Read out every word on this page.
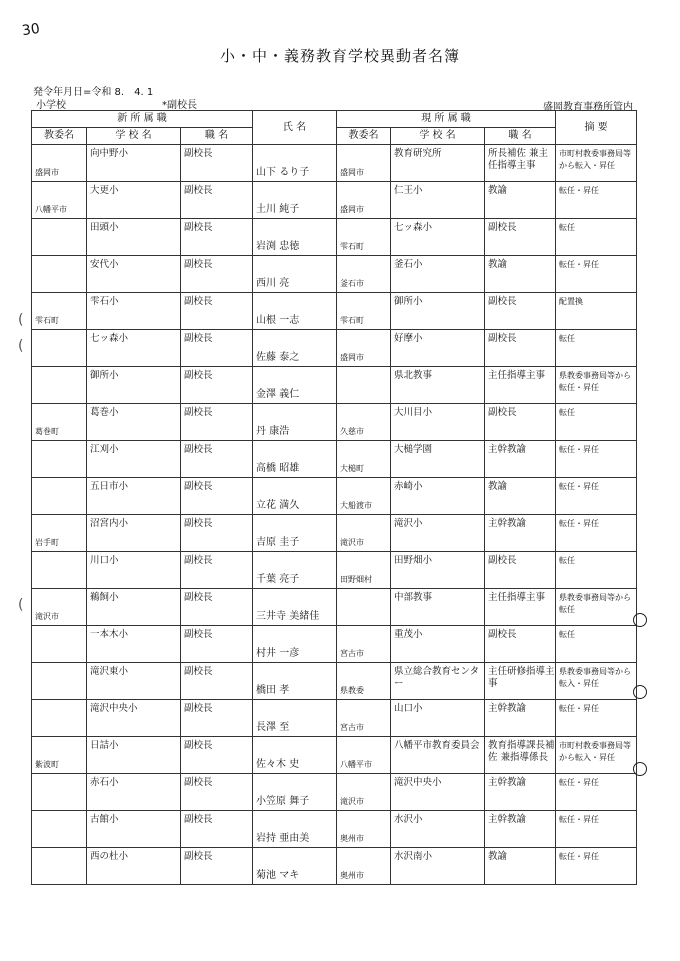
30
小・中・義務教育学校異動者名簿
発令年月日=令和 8.　4. 1
小学校	*副校長	盛岡教育事務所管内
新 所 属 職			氏 名	現 所 属 職			摘 要
教委名	学 校 名	職 名		教委名	学 校 名	職 名	

盛岡市	向中野小	副校長	山下 るり子	盛岡市	教育研究所	所長補佐 兼主任指導主事	市町村教委事務局等から転入・昇任

八幡平市	大更小	副校長	土川 純子	盛岡市	仁王小	教諭	転任・昇任

	田頭小	副校長	岩渕 忠徳	雫石町	七ッ森小	副校長	転任

	安代小	副校長	西川 亮	釜石市	釜石小	教諭	転任・昇任

雫石町	雫石小	副校長	山根 一志	雫石町	御所小	副校長	配置換

	七ッ森小	副校長	佐藤 泰之	盛岡市	好摩小	副校長	転任

	御所小	副校長	金澤 義仁		県北教事	主任指導主事	県教委事務局等から転任・昇任

葛巻町	葛巻小	副校長	丹 康浩	久慈市	大川目小	副校長	転任

	江刈小	副校長	高橋 昭雄	大槌町	大槌学園	主幹教諭	転任・昇任

	五日市小	副校長	立花 満久	大船渡市	赤崎小	教諭	転任・昇任

岩手町	沼宮内小	副校長	吉原 圭子	滝沢市	滝沢小	主幹教諭	転任・昇任

	川口小	副校長	千葉 亮子	田野畑村	田野畑小	副校長	転任

滝沢市	鵜飼小	副校長	三井寺 美緒佳		中部教事	主任指導主事	県教委事務局等から転任

	一本木小	副校長	村井 一彦	宮古市	重茂小	副校長	転任

	滝沢東小	副校長	橋田 孝	県教委	県立総合教育センター	主任研修指導主事	県教委事務局等から転入・昇任

	滝沢中央小	副校長	長澤 至	宮古市	山口小	主幹教諭	転任・昇任

紫波町	日詰小	副校長	佐々木 史	八幡平市	八幡平市教育委員会	教育指導課長補佐 兼指導係長	市町村教委事務局等から転入・昇任

	赤石小	副校長	小笠原 舞子	滝沢市	滝沢中央小	主幹教諭	転任・昇任

	古館小	副校長	岩持 亜由美	奥州市	水沢小	主幹教諭	転任・昇任

	西の杜小	副校長	菊池 マキ	奥州市	水沢南小	教諭	転任・昇任
(
(
(
